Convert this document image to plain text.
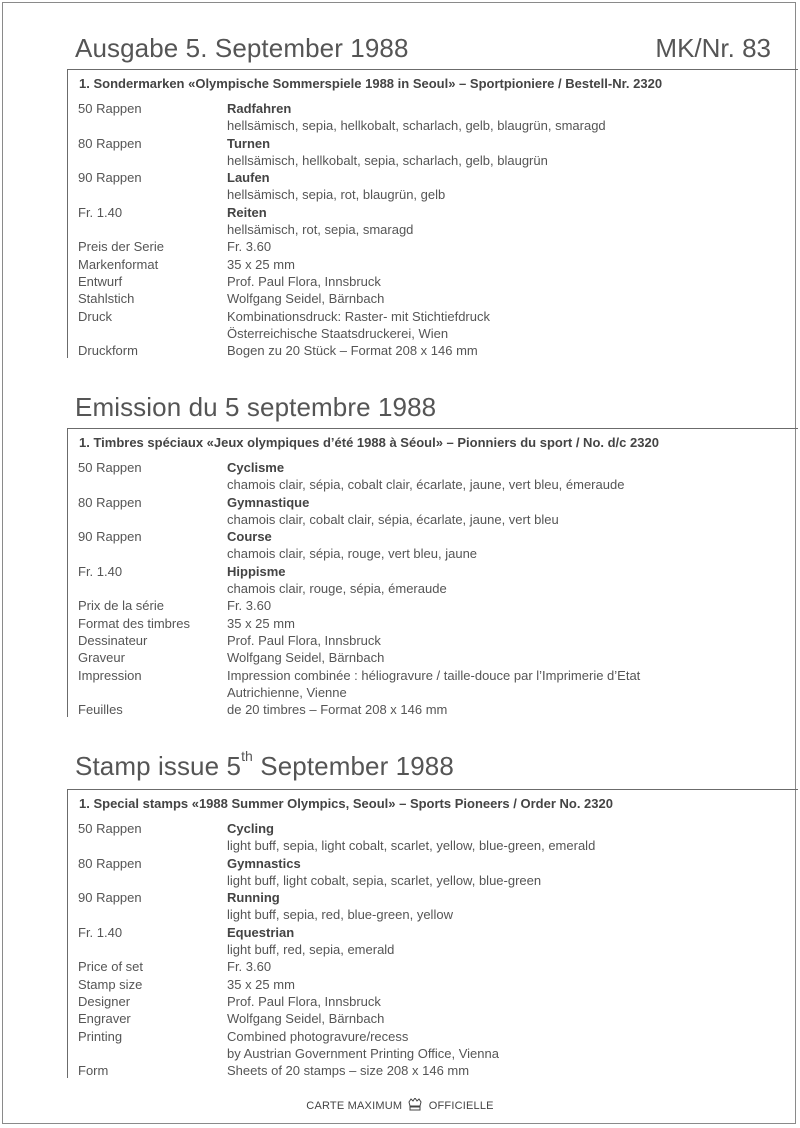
Ausgabe 5. September 1988	MK/Nr. 83
1. Sondermarken «Olympische Sommerspiele 1988 in Seoul» – Sportpioniere / Bestell-Nr. 2320
50 Rappen	Radfahren
hellsämisch, sepia, hellkobalt, scharlach, gelb, blaugrün, smaragd
80 Rappen	Turnen
hellsämisch, hellkobalt, sepia, scharlach, gelb, blaugrün
90 Rappen	Laufen
hellsämisch, sepia, rot, blaugrün, gelb
Fr. 1.40	Reiten
hellsämisch, rot, sepia, smaragd
Preis der Serie	Fr. 3.60
Markenformat	35 x 25 mm
Entwurf	Prof. Paul Flora, Innsbruck
Stahlstich	Wolfgang Seidel, Bärnbach
Druck	Kombinationsdruck: Raster- mit Stichtiefdruck
Österreichische Staatsdruckerei, Wien
Druckform	Bogen zu 20 Stück – Format 208 x 146 mm
Emission du 5 septembre 1988
1. Timbres spéciaux «Jeux olympiques d’été 1988 à Séoul» – Pionniers du sport / No. d/c 2320
50 Rappen	Cyclisme
chamois clair, sépia, cobalt clair, écarlate, jaune, vert bleu, émeraude
80 Rappen	Gymnastique
chamois clair, cobalt clair, sépia, écarlate, jaune, vert bleu
90 Rappen	Course
chamois clair, sépia, rouge, vert bleu, jaune
Fr. 1.40	Hippisme
chamois clair, rouge, sépia, émeraude
Prix de la série	Fr. 3.60
Format des timbres	35 x 25 mm
Dessinateur	Prof. Paul Flora, Innsbruck
Graveur	Wolfgang Seidel, Bärnbach
Impression	Impression combinée : héliogravure / taille-douce par l’Imprimerie d’Etat
Autrichienne, Vienne
Feuilles	de 20 timbres – Format 208 x 146 mm
Stamp issue 5th September 1988
1. Special stamps «1988 Summer Olympics, Seoul» – Sports Pioneers / Order No. 2320
50 Rappen	Cycling
light buff, sepia, light cobalt, scarlet, yellow, blue-green, emerald
80 Rappen	Gymnastics
light buff, light cobalt, sepia, scarlet, yellow, blue-green
90 Rappen	Running
light buff, sepia, red, blue-green, yellow
Fr. 1.40	Equestrian
light buff, red, sepia, emerald
Price of set	Fr. 3.60
Stamp size	35 x 25 mm
Designer	Prof. Paul Flora, Innsbruck
Engraver	Wolfgang Seidel, Bärnbach
Printing	Combined photogravure/recess
by Austrian Government Printing Office, Vienna
Form	Sheets of 20 stamps – size 208 x 146 mm
CARTE MAXIMUM OFFICIELLE
